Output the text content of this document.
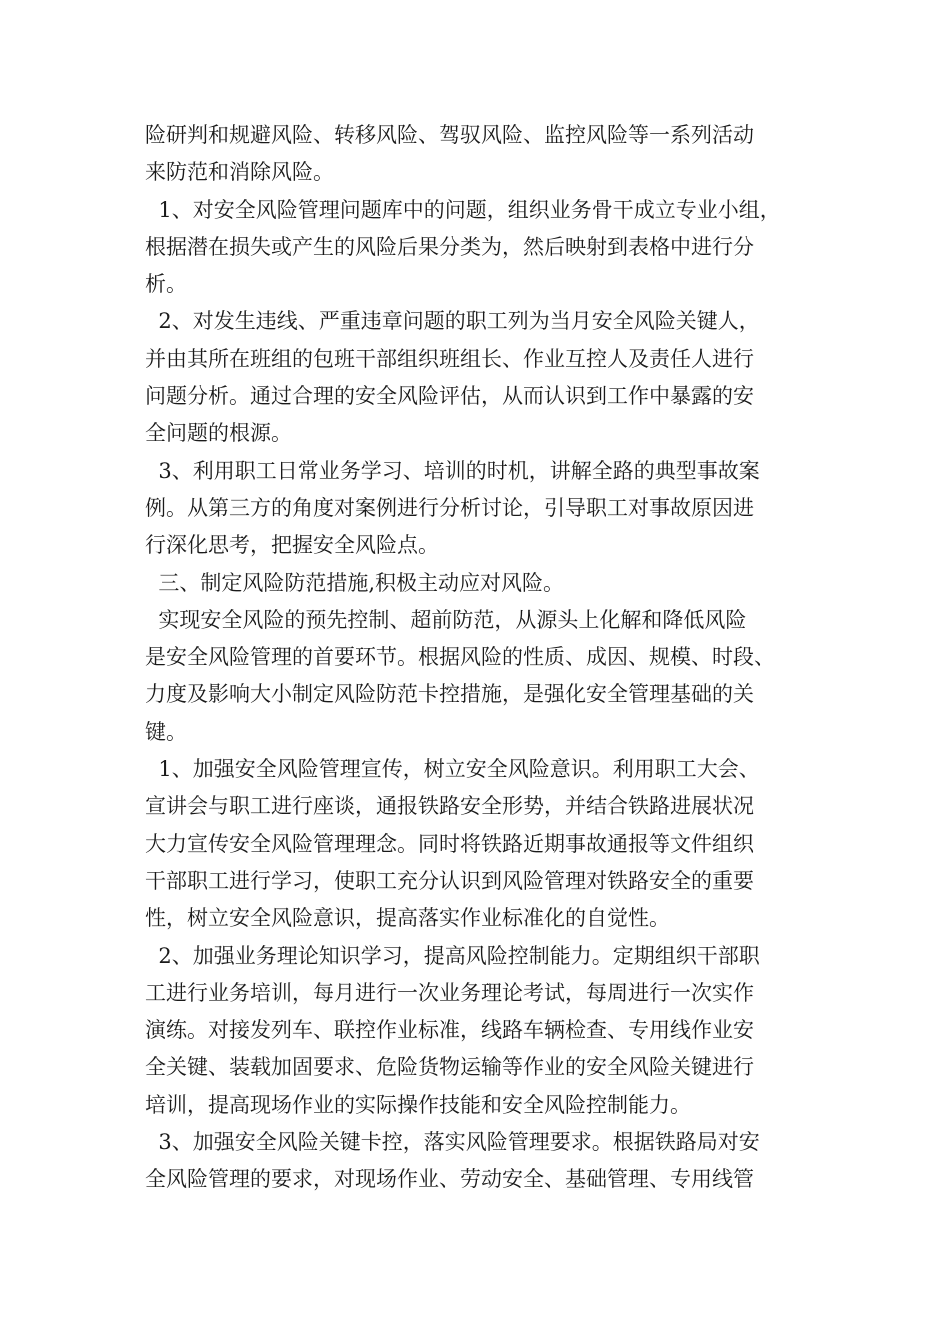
险研判和规避风险、转移风险、驾驭风险、监控风险等一系列活动
来防范和消除风险。
1、对安全风险管理问题库中的问题，组织业务骨干成立专业小组，
根据潜在损失或产生的风险后果分类为，然后映射到表格中进行分
析。
2、对发生违线、严重违章问题的职工列为当月安全风险关键人，
并由其所在班组的包班干部组织班组长、作业互控人及责任人进行
问题分析。通过合理的安全风险评估，从而认识到工作中暴露的安
全问题的根源。
3、利用职工日常业务学习、培训的时机，讲解全路的典型事故案
例。从第三方的角度对案例进行分析讨论，引导职工对事故原因进
行深化思考，把握安全风险点。
三、制定风险防范措施,积极主动应对风险。
实现安全风险的预先控制、超前防范，从源头上化解和降低风险
是安全风险管理的首要环节。根据风险的性质、成因、规模、时段、
力度及影响大小制定风险防范卡控措施，是强化安全管理基础的关
键。
1、加强安全风险管理宣传，树立安全风险意识。利用职工大会、
宣讲会与职工进行座谈，通报铁路安全形势，并结合铁路进展状况
大力宣传安全风险管理理念。同时将铁路近期事故通报等文件组织
干部职工进行学习，使职工充分认识到风险管理对铁路安全的重要
性，树立安全风险意识，提高落实作业标准化的自觉性。
2、加强业务理论知识学习，提高风险控制能力。定期组织干部职
工进行业务培训，每月进行一次业务理论考试，每周进行一次实作
演练。对接发列车、联控作业标准，线路车辆检查、专用线作业安
全关键、装载加固要求、危险货物运输等作业的安全风险关键进行
培训，提高现场作业的实际操作技能和安全风险控制能力。
3、加强安全风险关键卡控，落实风险管理要求。根据铁路局对安
全风险管理的要求，对现场作业、劳动安全、基础管理、专用线管
